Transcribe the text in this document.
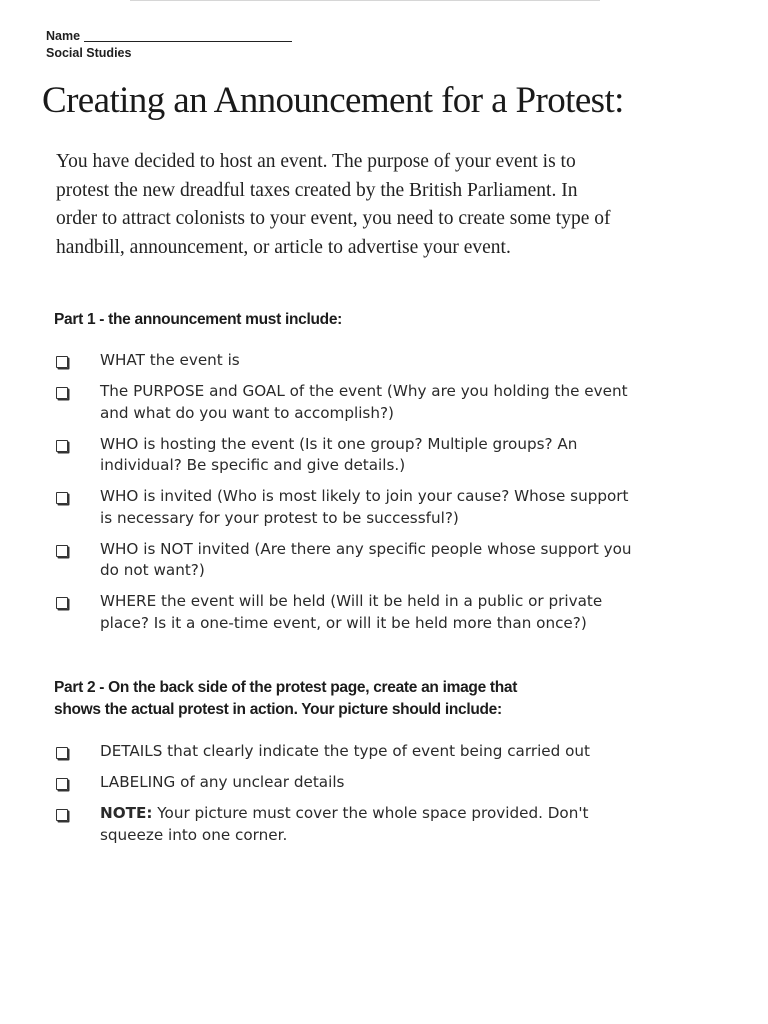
Name
Social Studies
Creating an Announcement for a Protest:

You have decided to host an event. The purpose of your event is to
protest the new dreadful taxes created by the British Parliament. In
order to attract colonists to your event, you need to create some type of
handbill, announcement, or article to advertise your event.

Part 1 - the announcement must include:
WHAT the event is
The PURPOSE and GOAL of the event (Why are you holding the event
and what do you want to accomplish?)
WHO is hosting the event (Is it one group? Multiple groups? An
individual? Be specific and give details.)
WHO is invited (Who is most likely to join your cause? Whose support
is necessary for your protest to be successful?)
WHO is NOT invited (Are there any specific people whose support you
do not want?)
WHERE the event will be held (Will it be held in a public or private
place? Is it a one-time event, or will it be held more than once?)
Part 2 - On the back side of the protest page, create an image that
shows the actual protest in action. Your picture should include:
DETAILS that clearly indicate the type of event being carried out
LABELING of any unclear details
NOTE: Your picture must cover the whole space provided. Don't
squeeze into one corner.
